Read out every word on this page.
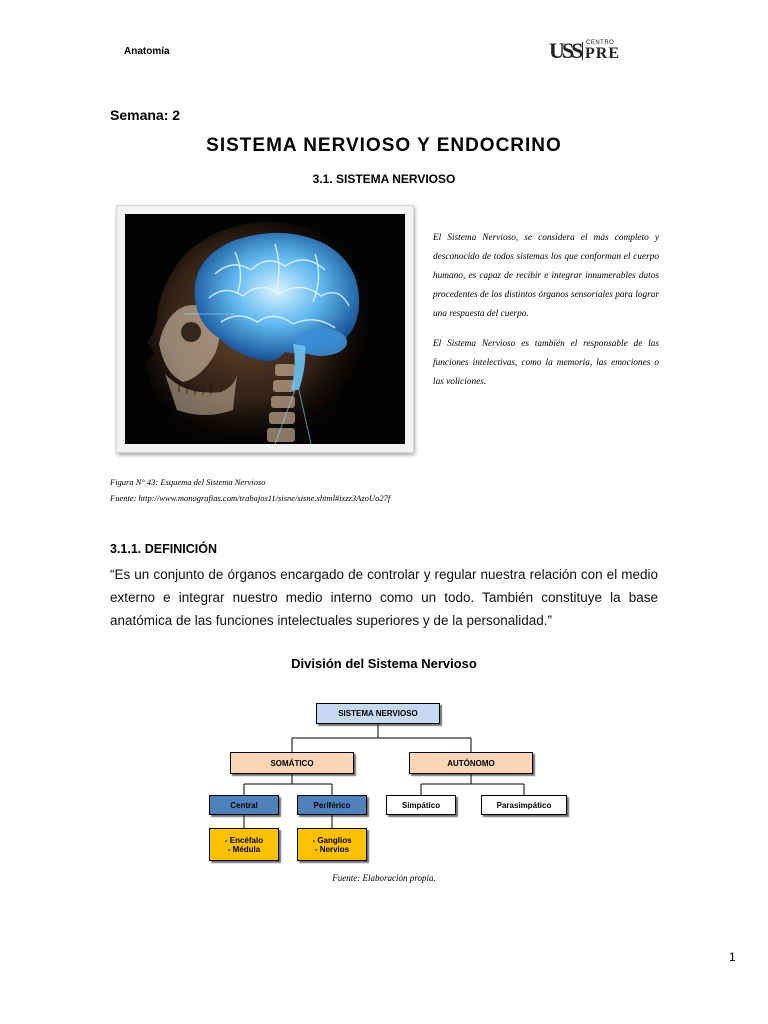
Anatomía	USS CENTRO
PRE
Semana: 2
SISTEMA NERVIOSO Y ENDOCRINO
3.1. SISTEMA NERVIOSO

El Sistema Nervioso, se considera el más completo y desconocido de todos sistemas los que conforman el cuerpo humano, es capaz de recibir e integrar innumerables datos procedentes de los distintos órganos sensoriales para lograr una respuesta del cuerpo.

El Sistema Nervioso es también el responsable de las funciones intelectivas, como la memoria, las emociones o las voliciones.

Figura N° 43: Esquema del Sistema Nervioso
Fuente: http://www.monografias.com/trabajos11/sisne/sisne.shtml#ixzz3AzoUo27f
3.1.1. DEFINICIÓN
“Es un conjunto de órganos encargado de controlar y regular nuestra relación con el medio externo e integrar nuestro medio interno como un todo. También constituye la base anatómica de las funciones intelectuales superiores y de la personalidad.”
División del Sistema Nervioso
SISTEMA NERVIOSO
SOMÁTICO	AUTÓNOMO
Central	Periférico	Simpático	Parasimpático
- Encéfalo
- Médula
- Ganglios
- Nervios
Fuente: Elaboración propia.
1
